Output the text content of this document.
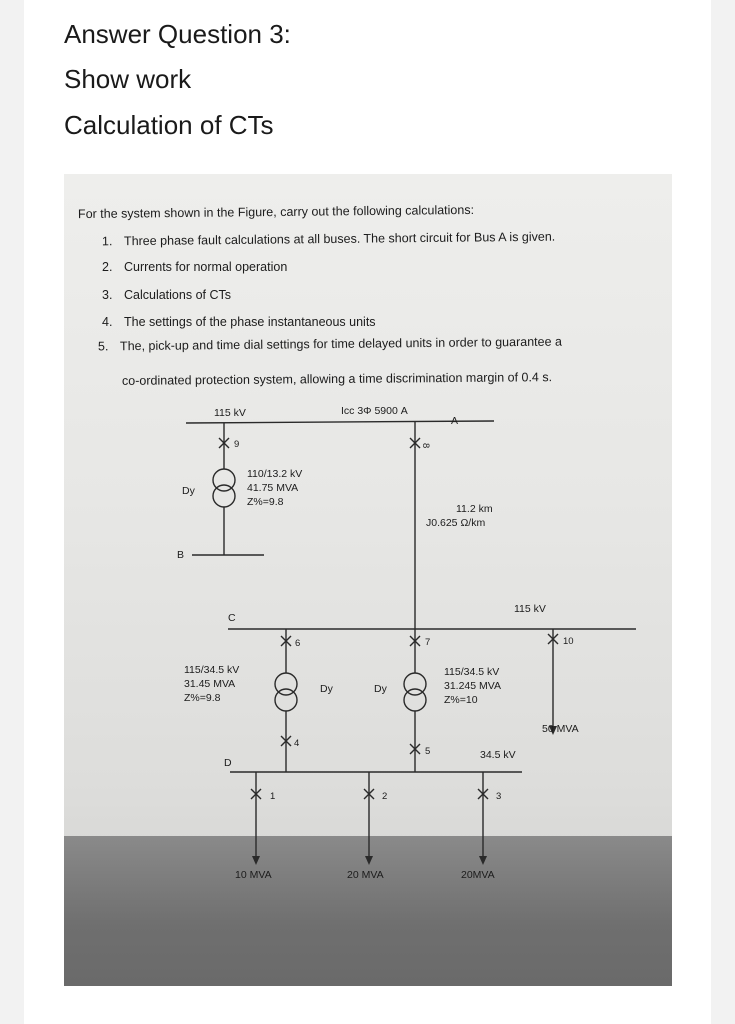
Answer Question 3:
Show work
Calculation of CTs
For the system shown in the Figure, carry out the following calculations:
1. Three phase fault calculations at all buses. The short circuit for Bus A is given.
2. Currents for normal operation
3. Calculations of CTs
4. The settings of the phase instantaneous units
5. The, pick-up and time dial settings for time delayed units in order to guarantee a
co-ordinated protection system, allowing a time discrimination margin of 0.4 s.
115 kV	Icc 3Φ 5900 A
A
9	8
110/13.2 kV
41.75 MVA
Z%=9.8
Dy
B
11.2 km
J0.625 Ω/km
C
115 kV
6	7	10
115/34.5 kV
31.45 MVA
Z%=9.8
Dy	Dy
115/34.5 kV
31.245 MVA
Z%=10
50 MVA
4
5	34.5 kV
D
1	2	3
10 MVA	20 MVA	20MVA
